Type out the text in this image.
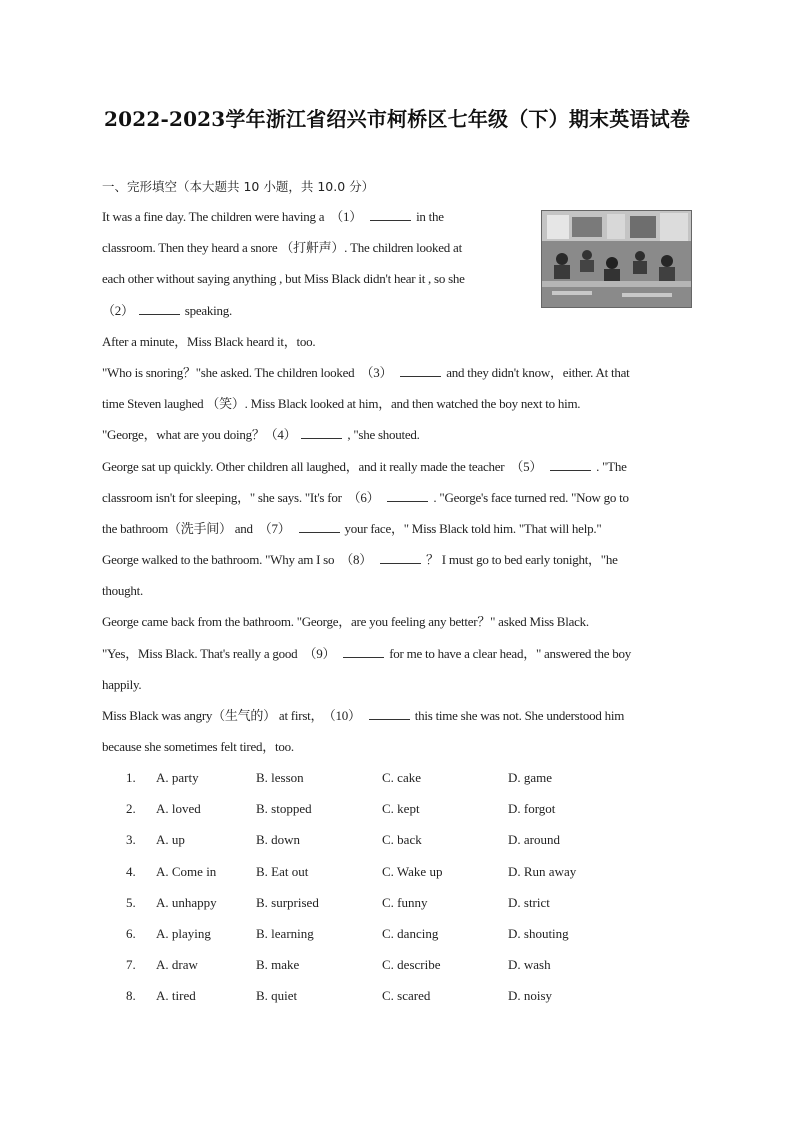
2022-2023学年浙江省绍兴市柯桥区七年级（下）期末英语试卷
一、完形填空（本大题共 10 小题，共 10.0 分）
It was a fine day. The children were having a （1）	in the
classroom. Then they heard a snore （打鼾声）. The children looked at
each other without saying anything , but Miss Black didn't hear it , so she
（2）	speaking.
After a minute，Miss Black heard it，too.
"Who is snoring？"she asked. The children looked （3）	and they didn't know，either. At that
time Steven laughed （笑）. Miss Black looked at him，and then watched the boy next to him.
"George，what are you doing？（4）	, "she shouted.
George sat up quickly. Other children all laughed，and it really made the teacher （5）	. "The
classroom isn't for sleeping，" she says. "It's for （6）	. "George's face turned red. "Now go to
the bathroom（洗手间） and （7）	your face，" Miss Black told him. "That will help."
George walked to the bathroom. "Why am I so （8）	？ I must go to bed early tonight，"he
thought.
George came back from the bathroom. "George，are you feeling any better？" asked Miss Black.
"Yes，Miss Black. That's really a good （9）	for me to have a clear head，" answered the boy
happily.
Miss Black was angry（生气的） at first， （10）	this time she was not. She understood him
because she sometimes felt tired，too.
1. A. party	B. lesson	C. cake	D. game
2. A. loved	B. stopped	C. kept	D. forgot
3. A. up	B. down	C. back	D. around
4. A. Come in	B. Eat out	C. Wake up	D. Run away
5. A. unhappy	B. surprised	C. funny	D. strict
6. A. playing	B. learning	C. dancing	D. shouting
7. A. draw	B. make	C. describe	D. wash
8. A. tired	B. quiet	C. scared	D. noisy
